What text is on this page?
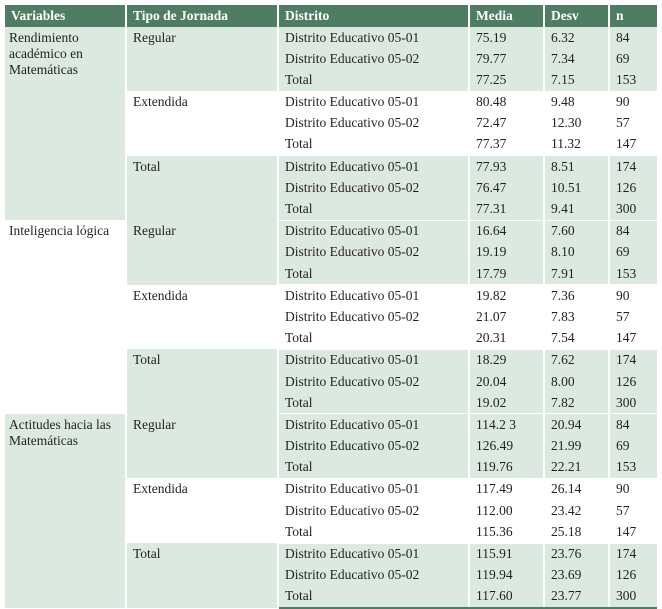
Variables	Tipo de Jornada	Distrito	Media	Desv	n
Rendimiento académico en Matemáticas	Regular	Distrito Educativo 05-01	75.19	6.32	84
		Distrito Educativo 05-02	79.77	7.34	69
		Total	77.25	7.15	153
	Extendida	Distrito Educativo 05-01	80.48	9.48	90
		Distrito Educativo 05-02	72.47	12.30	57
		Total	77.37	11.32	147
	Total	Distrito Educativo 05-01	77.93	8.51	174
		Distrito Educativo 05-02	76.47	10.51	126
		Total	77.31	9.41	300
Inteligencia lógica	Regular	Distrito Educativo 05-01	16.64	7.60	84
		Distrito Educativo 05-02	19.19	8.10	69
		Total	17.79	7.91	153
	Extendida	Distrito Educativo 05-01	19.82	7.36	90
		Distrito Educativo 05-02	21.07	7.83	57
		Total	20.31	7.54	147
	Total	Distrito Educativo 05-01	18.29	7.62	174
		Distrito Educativo 05-02	20.04	8.00	126
		Total	19.02	7.82	300
Actitudes hacia las Matemáticas	Regular	Distrito Educativo 05-01	114.2 3	20.94	84
		Distrito Educativo 05-02	126.49	21.99	69
		Total	119.76	22.21	153
	Extendida	Distrito Educativo 05-01	117.49	26.14	90
		Distrito Educativo 05-02	112.00	23.42	57
		Total	115.36	25.18	147
	Total	Distrito Educativo 05-01	115.91	23.76	174
		Distrito Educativo 05-02	119.94	23.69	126
		Total	117.60	23.77	300
